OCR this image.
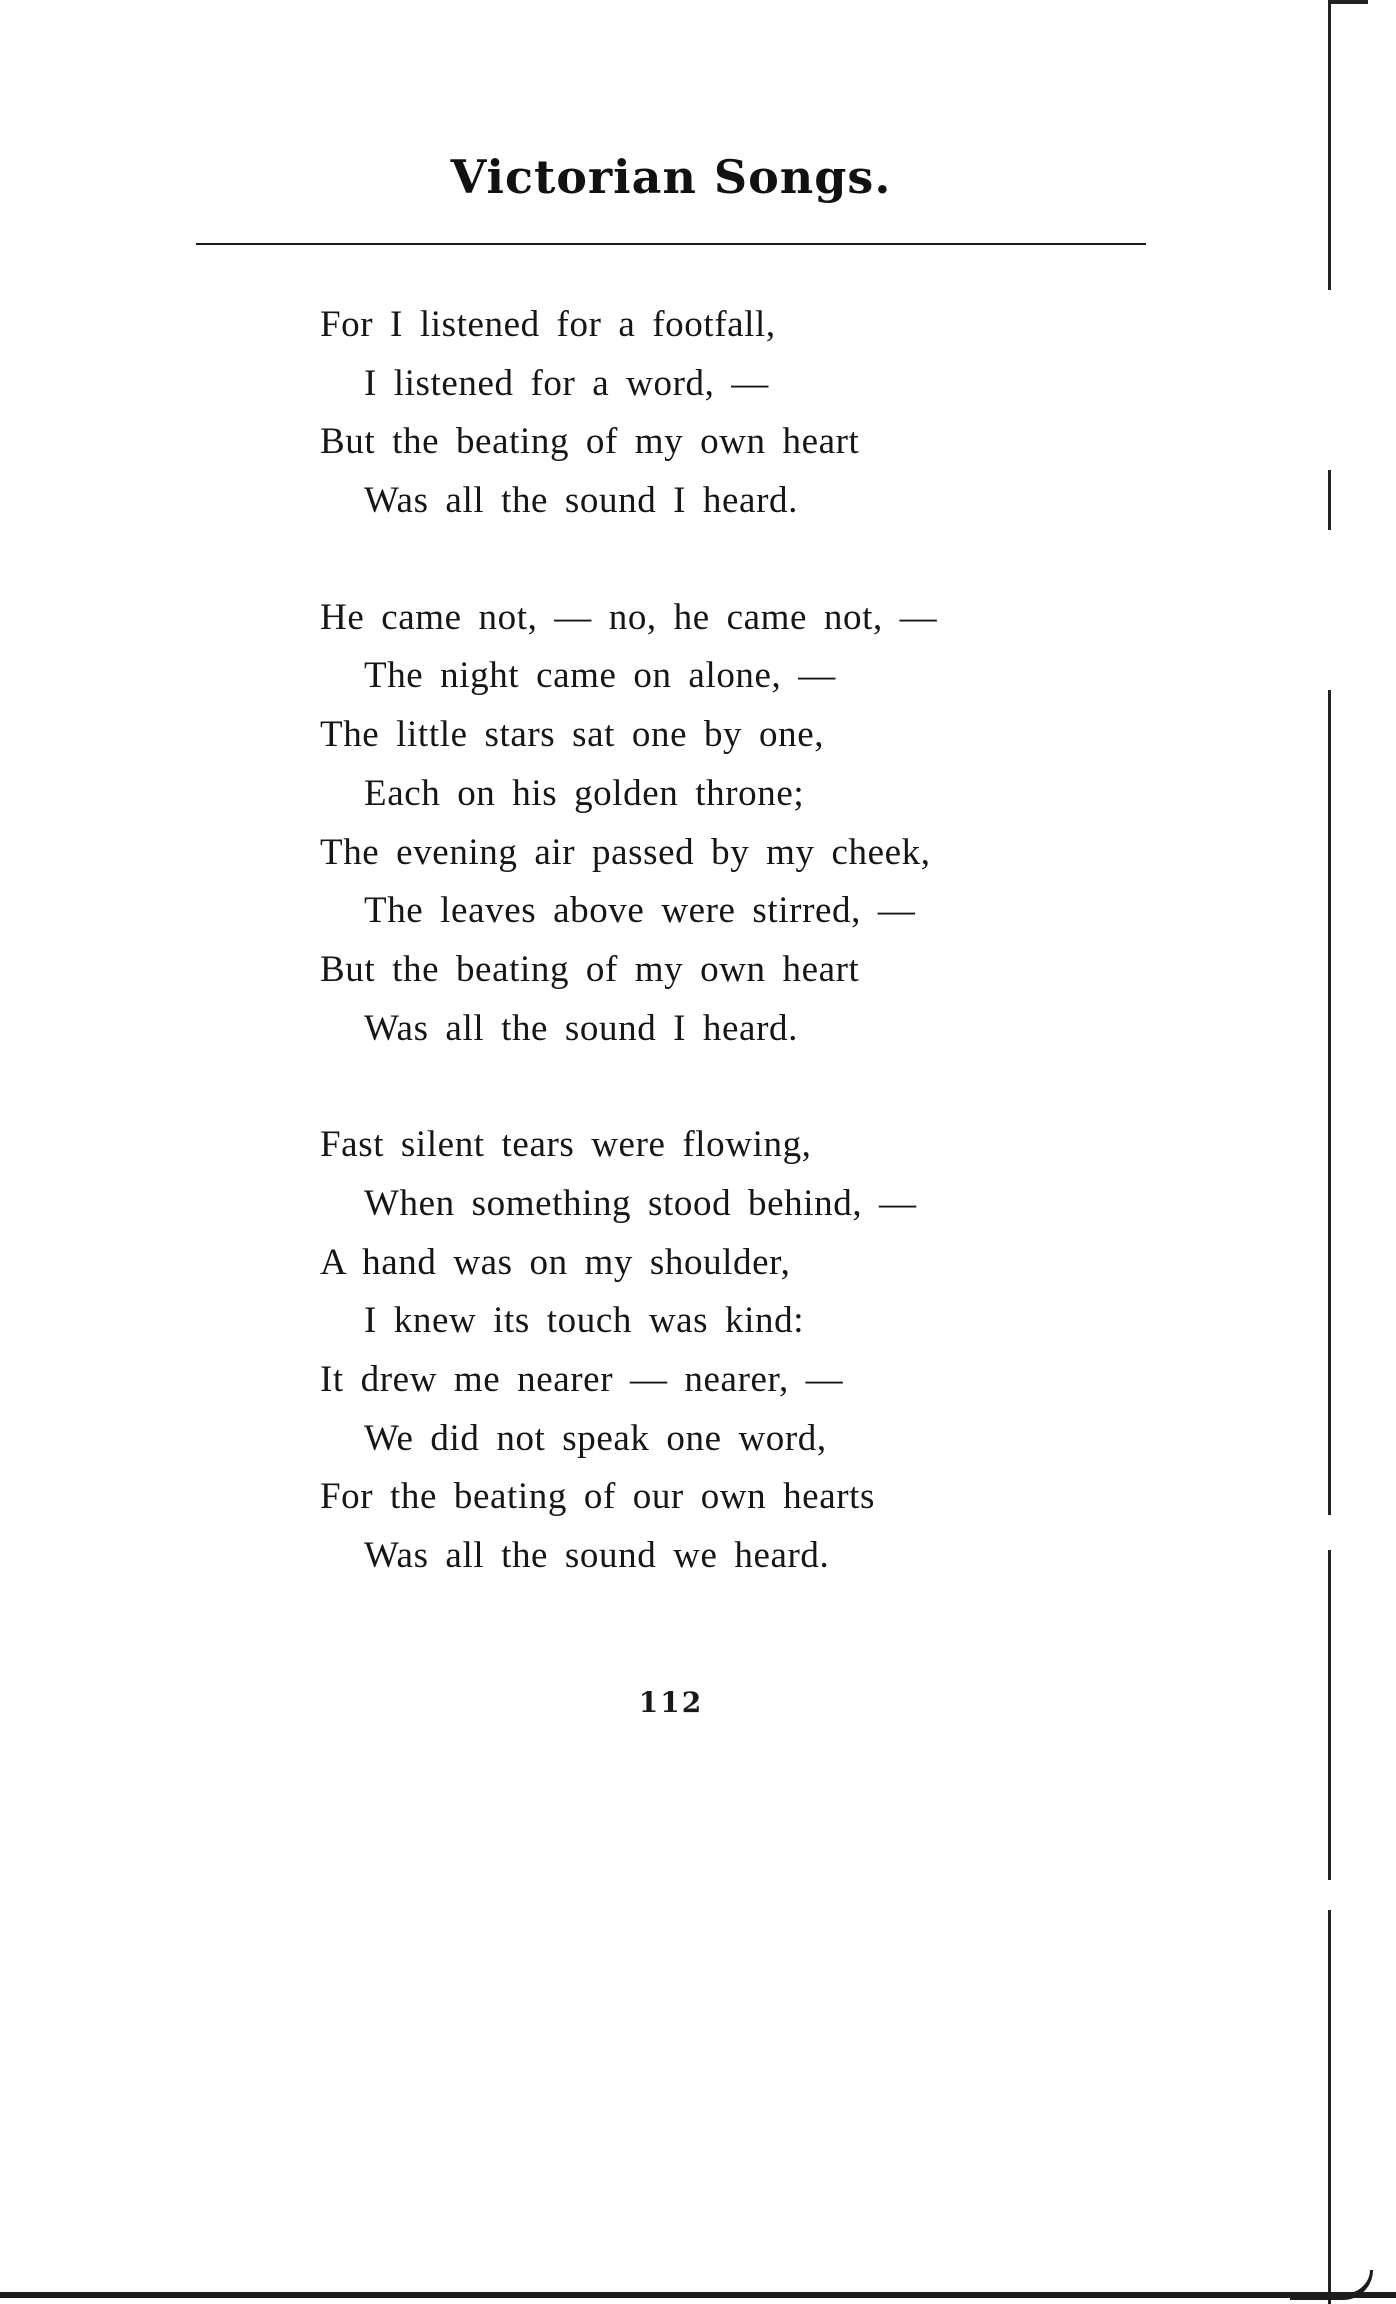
Victorian Songs.
For I listened for a footfall,
I listened for a word, —
But the beating of my own heart
Was all the sound I heard.
He came not, — no, he came not, —
The night came on alone, —
The little stars sat one by one,
Each on his golden throne;
The evening air passed by my cheek,
The leaves above were stirred, —
But the beating of my own heart
Was all the sound I heard.
Fast silent tears were flowing,
When something stood behind, —
A hand was on my shoulder,
I knew its touch was kind:
It drew me nearer — nearer, —
We did not speak one word,
For the beating of our own hearts
Was all the sound we heard.
112
